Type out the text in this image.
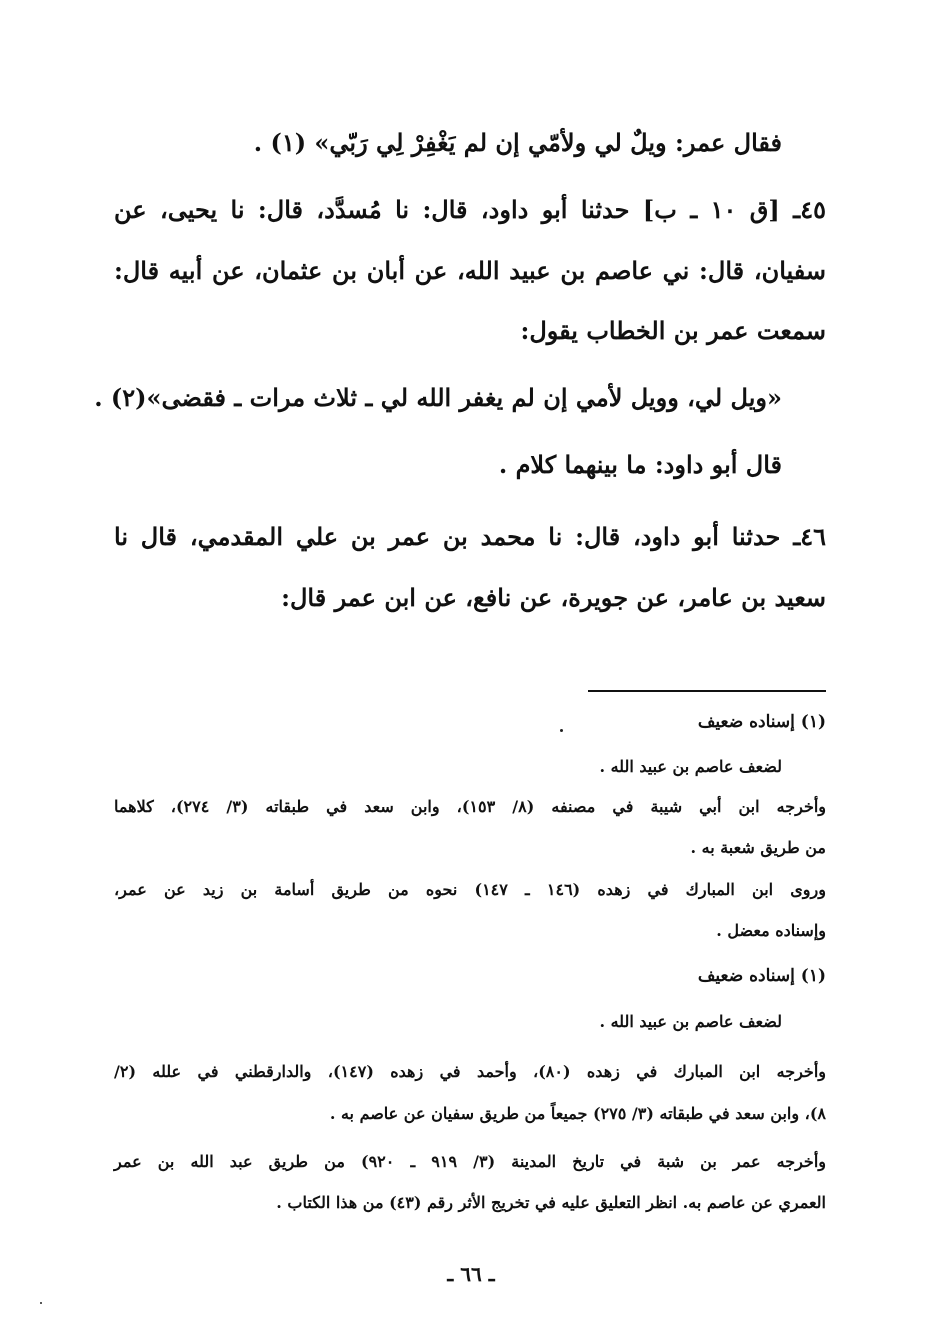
فقال عمر: ويلٌ لي ولأمّي إن لم يَغْفِرْ لِي رَبّي» (١) .

٤٥ـ [ق ١٠ ـ ب] حدثنا أبو داود، قال: نا مُسدَّد، قال: نا يحيى، عن

سفيان، قال: ني عاصم بن عبيد الله، عن أبان بن عثمان، عن أبيه قال:

سمعت عمر بن الخطاب يقول:

«ويل لي، وويل لأمي إن لم يغفر الله لي ـ ثلاث مرات ـ فقضى»(٢) .

قال أبو داود: ما بينهما كلام .

٤٦ـ حدثنا أبو داود، قال: نا محمد بن عمر بن علي المقدمي، قال نا

سعيد بن عامر، عن جويرة، عن نافع، عن ابن عمر قال:

(١) إسناده ضعيف

لضعف عاصم بن عبيد الله .

وأخرجه ابن أبي شيبة في مصنفه (٨/ ١٥٣)، وابن سعد في طبقاته (٣/ ٢٧٤)، كلاهما

من طريق شعبة به .

وروى ابن المبارك في زهده (١٤٦ ـ ١٤٧) نحوه من طريق أسامة بن زيد عن عمر،

وإسناده معضل .

(١) إسناده ضعيف

لضعف عاصم بن عبيد الله .

وأخرجه ابن المبارك في زهده (٨٠)، وأحمد في زهده (١٤٧)، والدارقطني في علله (٢/

٨)، وابن سعد في طبقاته (٣/ ٢٧٥) جميعاً من طريق سفيان عن عاصم به .

وأخرجه عمر بن شبة في تاريخ المدينة (٣/ ٩١٩ ـ ٩٢٠) من طريق عبد الله بن عمر

العمري عن عاصم به. انظر التعليق عليه في تخريج الأثر رقم (٤٣) من هذا الكتاب .

ـ ٦٦ ـ
